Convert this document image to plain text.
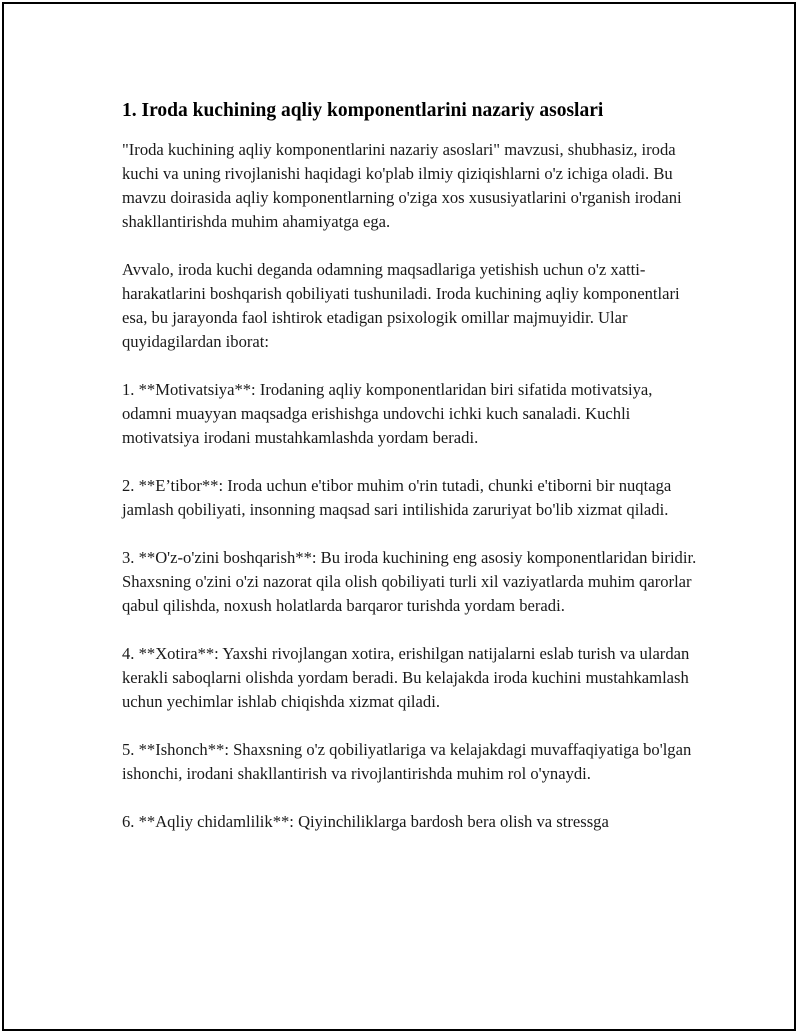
1. Iroda kuchining aqliy komponentlarini nazariy asoslari

"Iroda kuchining aqliy komponentlarini nazariy asoslari" mavzusi, shubhasiz, iroda kuchi va uning rivojlanishi haqidagi ko'plab ilmiy qiziqishlarni o'z ichiga oladi. Bu mavzu doirasida aqliy komponentlarning o'ziga xos xususiyatlarini o'rganish irodani shakllantirishda muhim ahamiyatga ega.

Avvalo, iroda kuchi deganda odamning maqsadlariga yetishish uchun o'z xatti-harakatlarini boshqarish qobiliyati tushuniladi. Iroda kuchining aqliy komponentlari esa, bu jarayonda faol ishtirok etadigan psixologik omillar majmuyidir. Ular quyidagilardan iborat:

1. **Motivatsiya**: Irodaning aqliy komponentlaridan biri sifatida motivatsiya, odamni muayyan maqsadga erishishga undovchi ichki kuch sanaladi. Kuchli motivatsiya irodani mustahkamlashda yordam beradi.

2. **E’tibor**: Iroda uchun e'tibor muhim o'rin tutadi, chunki e'tiborni bir nuqtaga jamlash qobiliyati, insonning maqsad sari intilishida zaruriyat bo'lib xizmat qiladi.

3. **O'z-o'zini boshqarish**: Bu iroda kuchining eng asosiy komponentlaridan biridir. Shaxsning o'zini o'zi nazorat qila olish qobiliyati turli xil vaziyatlarda muhim qarorlar qabul qilishda, noxush holatlarda barqaror turishda yordam beradi.

4. **Xotira**: Yaxshi rivojlangan xotira, erishilgan natijalarni eslab turish va ulardan kerakli saboqlarni olishda yordam beradi. Bu kelajakda iroda kuchini mustahkamlash uchun yechimlar ishlab chiqishda xizmat qiladi.

5. **Ishonch**: Shaxsning o'z qobiliyatlariga va kelajakdagi muvaffaqiyatiga bo'lgan ishonchi, irodani shakllantirish va rivojlantirishda muhim rol o'ynaydi.

6. **Aqliy chidamlilik**: Qiyinchiliklarga bardosh bera olish va stressga
